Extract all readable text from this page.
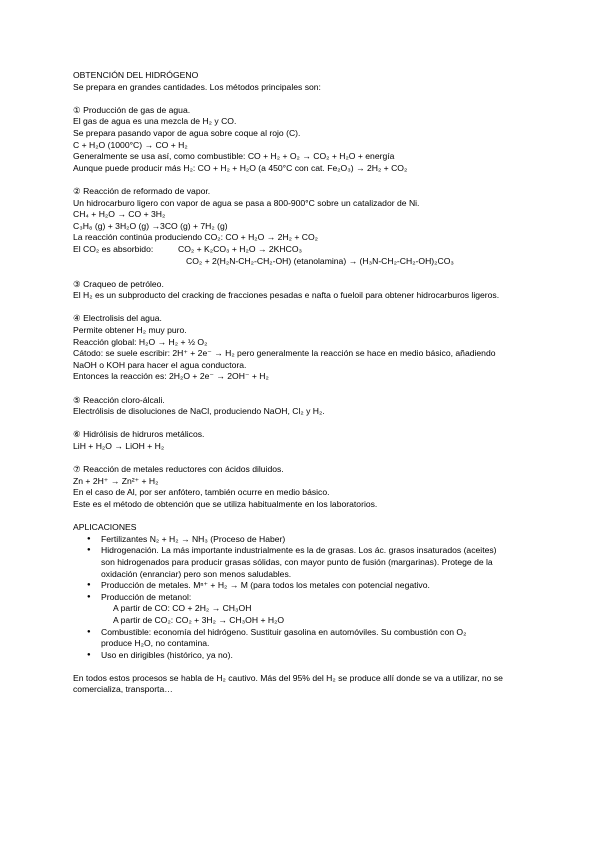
OBTENCIÓN DEL HIDRÓGENO
Se prepara en grandes cantidades. Los métodos principales son:
① Producción de gas de agua.
El gas de agua es una mezcla de H₂ y CO.
Se prepara pasando vapor de agua sobre coque al rojo (C).
C + H₂O (1000°C) → CO + H₂
Generalmente se usa así, como combustible: CO + H₂ + O₂ → CO₂ + H₂O + energía
Aunque puede producir más H₂: CO + H₂ + H₂O (a 450°C con cat. Fe₂O₃) → 2H₂ + CO₂
② Reacción de reformado de vapor.
Un hidrocarburo ligero con vapor de agua se pasa a 800-900°C sobre un catalizador de Ni.
CH₄ + H₂O → CO + 3H₂
C₃H₈ (g) + 3H₂O (g) →3CO (g) + 7H₂ (g)
La reacción continúa produciendo CO₂: CO + H₂O → 2H₂ + CO₂
El CO₂ es absorbido:	CO₂ + K₂CO₃ + H₂O → 2KHCO₃
CO₂ + 2(H₂N-CH₂-CH₂-OH) (etanolamina) → (H₃N-CH₂-CH₂-OH)₂CO₃
③ Craqueo de petróleo.
El H₂ es un subproducto del cracking de fracciones pesadas e nafta o fueloil para obtener hidrocarburos ligeros.
④ Electrolisis del agua.
Permite obtener H₂ muy puro.
Reacción global: H₂O → H₂ + ½ O₂
Cátodo: se suele escribir: 2H⁺ + 2e⁻ → H₂ pero generalmente la reacción se hace en medio básico, añadiendo
NaOH o KOH para hacer el agua conductora.
Entonces la reacción es: 2H₂O + 2e⁻ → 2OH⁻ + H₂
⑤ Reacción cloro-álcali.
Electrólisis de disoluciones de NaCl, produciendo NaOH, Cl₂ y H₂.
⑥ Hidrólisis de hidruros metálicos.
LiH + H₂O → LiOH + H₂
⑦ Reacción de metales reductores con ácidos diluidos.
Zn + 2H⁺ → Zn²⁺ + H₂
En el caso de Al, por ser anfótero, también ocurre en medio básico.
Este es el método de obtención que se utiliza habitualmente en los laboratorios.
APLICACIONES
● Fertilizantes N₂ + H₂ → NH₃ (Proceso de Haber)
● Hidrogenación. La más importante industrialmente es la de grasas. Los ác. grasos insaturados (aceites)
son hidrogenados para producir grasas sólidas, con mayor punto de fusión (margarinas). Protege de la
oxidación (enranciar) pero son menos saludables.
● Producción de metales. Mⁿ⁺ + H₂ → M (para todos los metales con potencial negativo.
● Producción de metanol:
A partir de CO: CO + 2H₂ → CH₃OH
A partir de CO₂: CO₂ + 3H₂ → CH₃OH + H₂O
● Combustible: economía del hidrógeno. Sustituir gasolina en automóviles. Su combustión con O₂
produce H₂O, no contamina.
● Uso en dirigibles (histórico, ya no).
En todos estos procesos se habla de H₂ cautivo. Más del 95% del H₂ se produce allí donde se va a utilizar, no se
comercializa, transporta…
